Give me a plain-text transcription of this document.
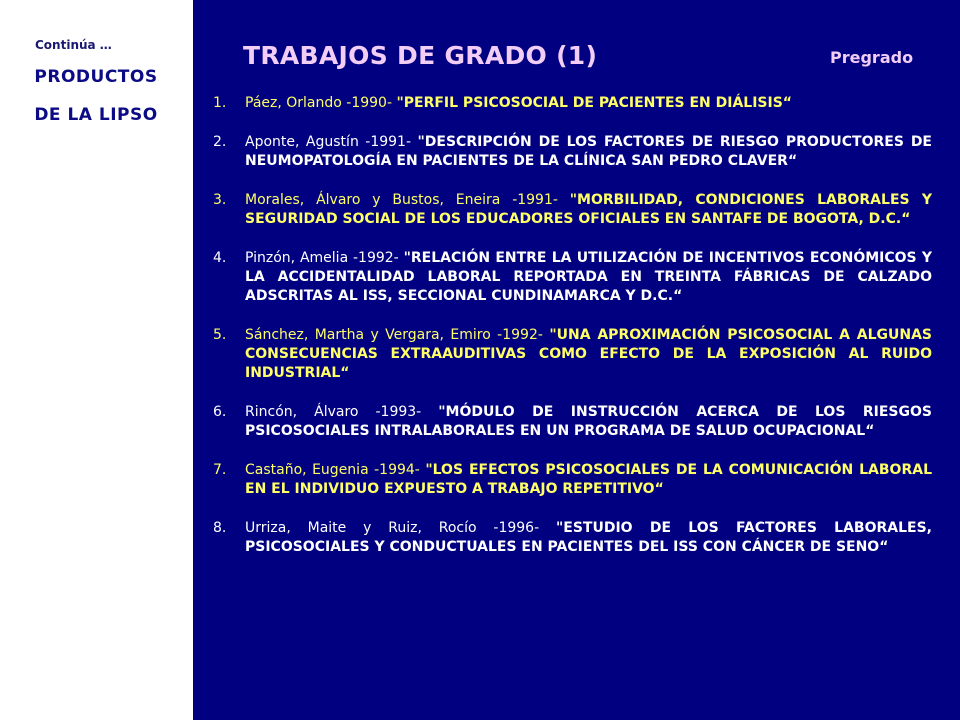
Continúa …
PRODUCTOS
DE LA LIPSO
TRABAJOS DE GRADO (1)	Pregrado
1. Páez, Orlando -1990- "PERFIL PSICOSOCIAL DE PACIENTES EN DIÁLISIS“
2. Aponte, Agustín -1991- "DESCRIPCIÓN DE LOS FACTORES DE RIESGO PRODUCTORES DE NEUMOPATOLOGÍA EN PACIENTES DE LA CLÍNICA SAN PEDRO CLAVER“
3. Morales, Álvaro y Bustos, Eneira -1991- "MORBILIDAD, CONDICIONES LABORALES Y SEGURIDAD SOCIAL DE LOS EDUCADORES OFICIALES EN SANTAFE DE BOGOTA, D.C.“
4. Pinzón, Amelia -1992- "RELACIÓN ENTRE LA UTILIZACIÓN DE INCENTIVOS ECONÓMICOS Y LA ACCIDENTALIDAD LABORAL REPORTADA EN TREINTA FÁBRICAS DE CALZADO ADSCRITAS AL ISS, SECCIONAL CUNDINAMARCA Y D.C.“
5. Sánchez, Martha y Vergara, Emiro -1992- "UNA APROXIMACIÓN PSICOSOCIAL A ALGUNAS CONSECUENCIAS EXTRAAUDITIVAS COMO EFECTO DE LA EXPOSICIÓN AL RUIDO INDUSTRIAL“
6. Rincón, Álvaro -1993- "MÓDULO DE INSTRUCCIÓN ACERCA DE LOS RIESGOS PSICOSOCIALES INTRALABORALES EN UN PROGRAMA DE SALUD OCUPACIONAL“
7. Castaño, Eugenia -1994- "LOS EFECTOS PSICOSOCIALES DE LA COMUNICACIÓN LABORAL EN EL INDIVIDUO EXPUESTO A TRABAJO REPETITIVO“
8. Urriza, Maite y Ruiz, Rocío -1996- "ESTUDIO DE LOS FACTORES LABORALES, PSICOSOCIALES Y CONDUCTUALES EN PACIENTES DEL ISS CON CÁNCER DE SENO“
